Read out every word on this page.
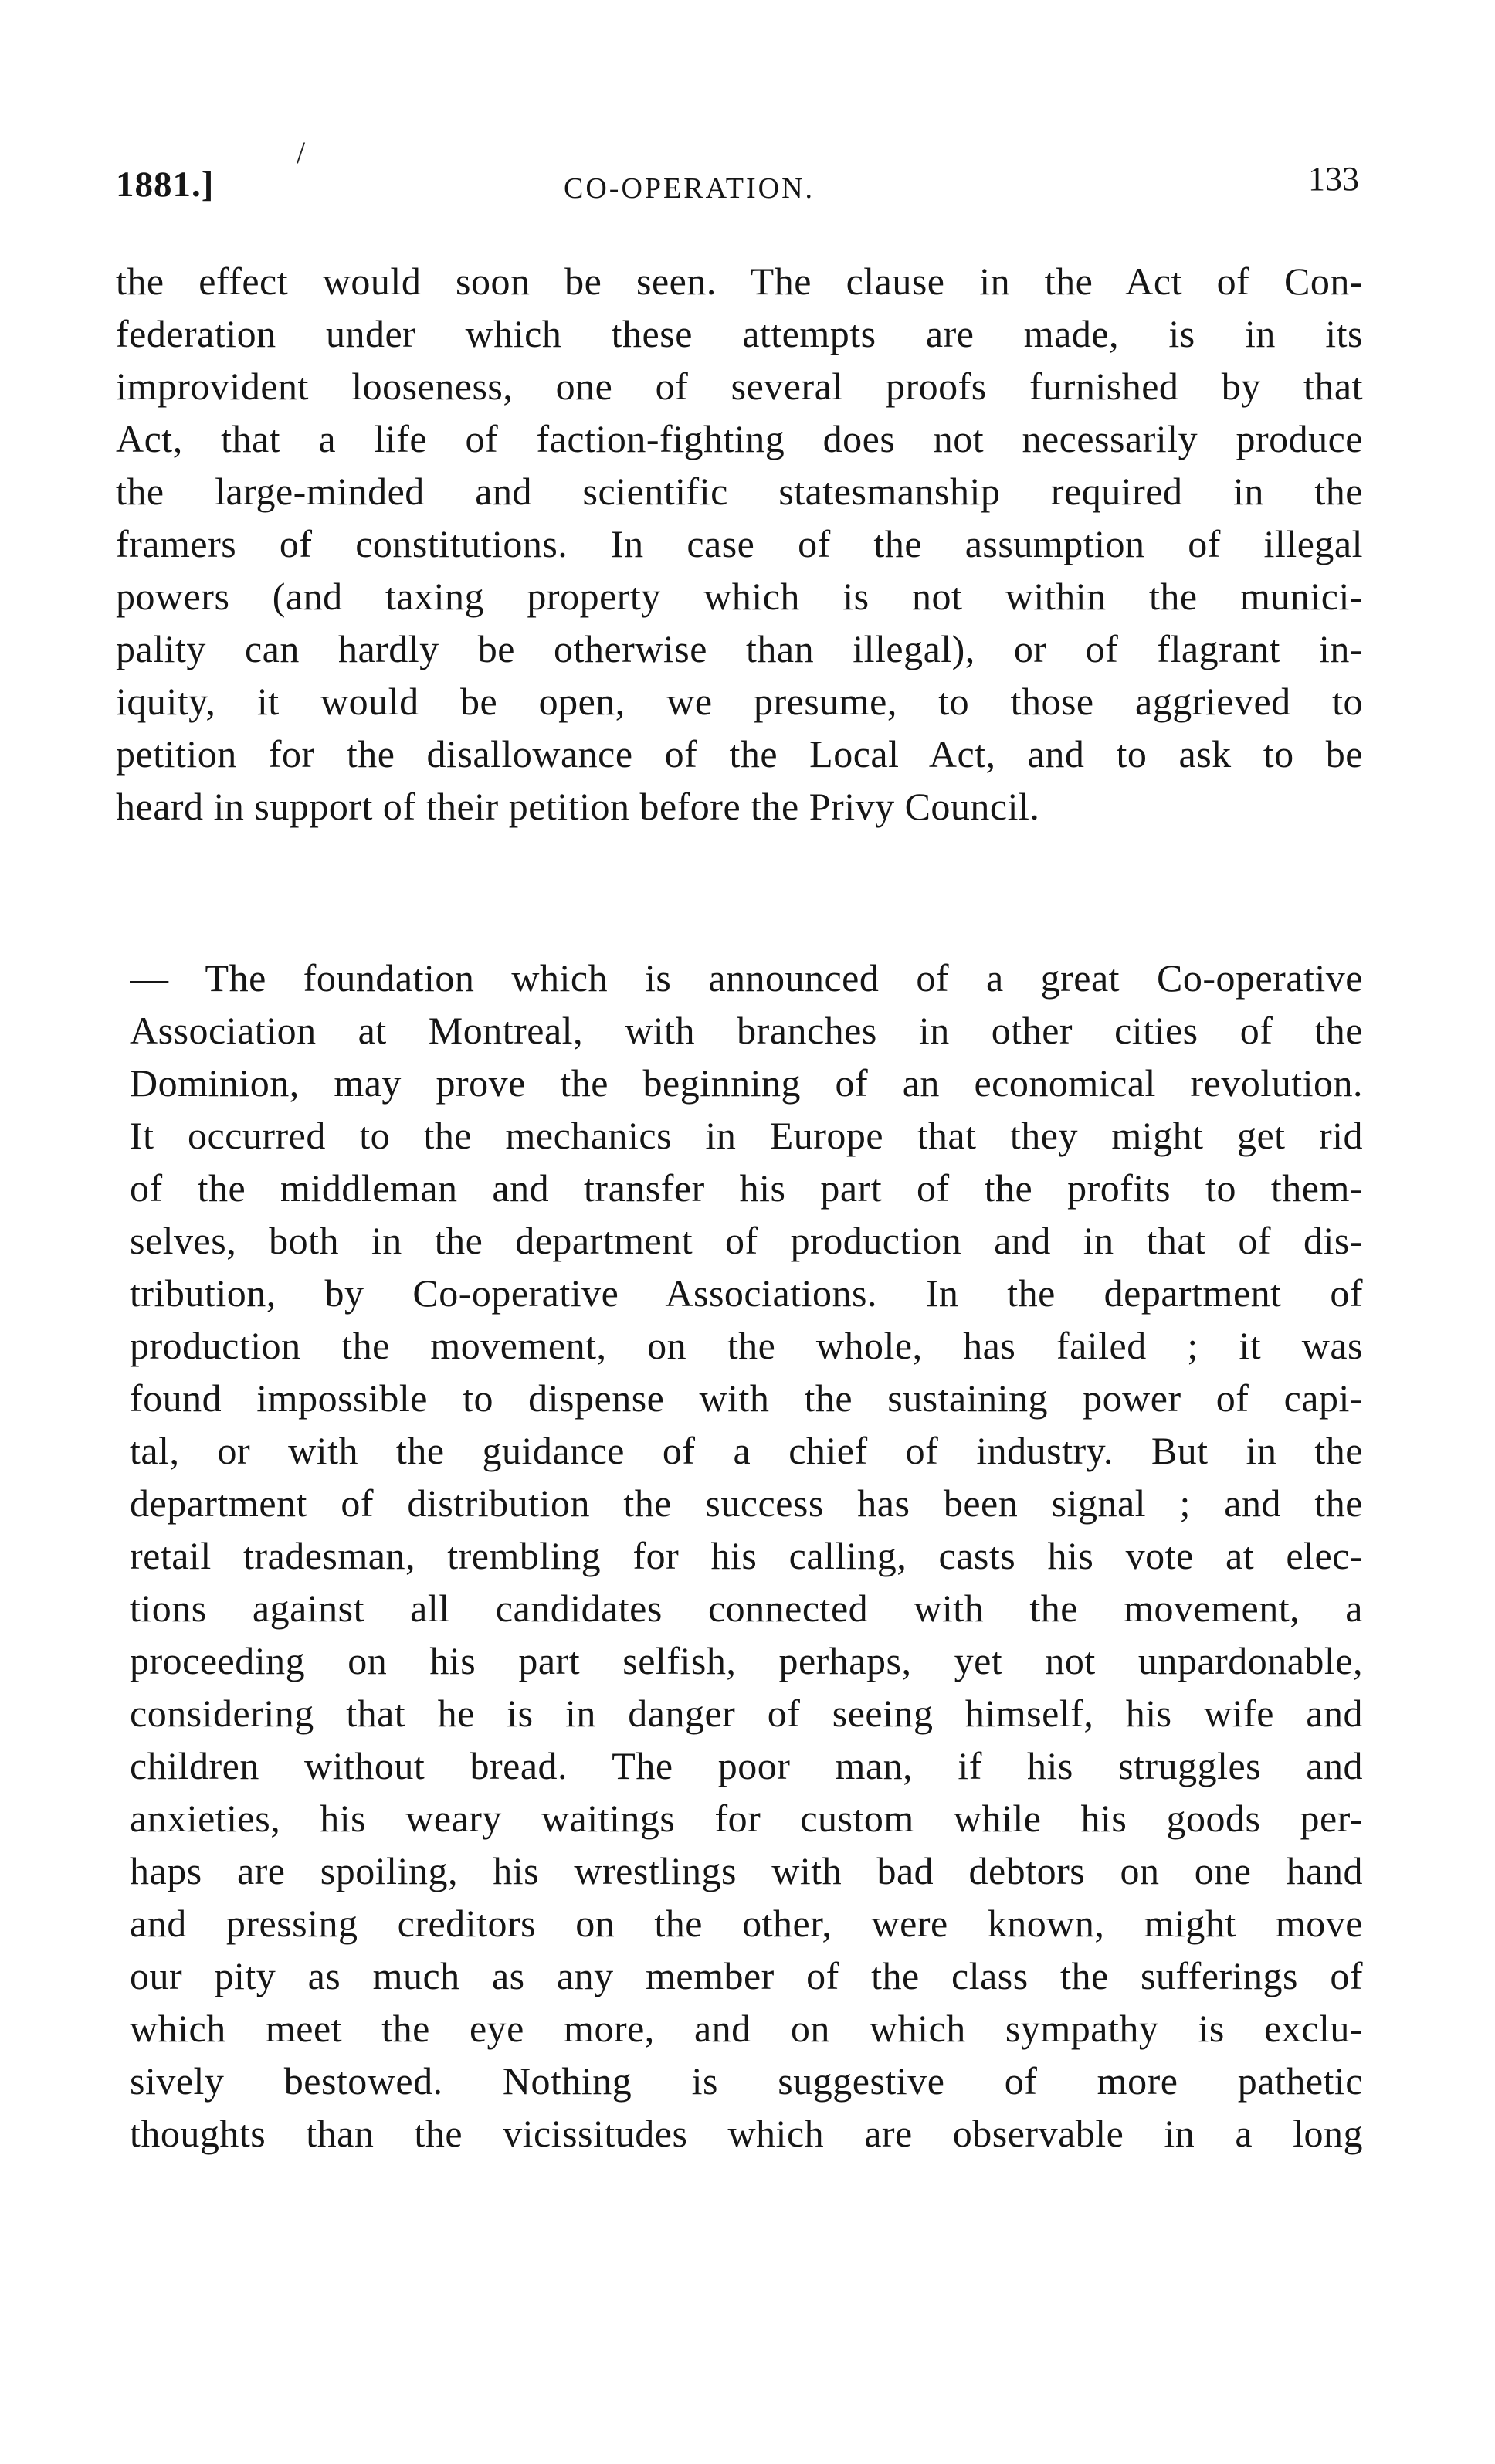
/
1881.]	CO-OPERATION.	133

the effect would soon be seen. The clause in the Act of Con-
federation under which these attempts are made, is in its
improvident looseness, one of several proofs furnished by that
Act, that a life of faction-fighting does not necessarily produce
the large-minded and scientific statesmanship required in the
framers of constitutions. In case of the assumption of illegal
powers (and taxing property which is not within the munici-
pality can hardly be otherwise than illegal), or of flagrant in-
iquity, it would be open, we presume, to those aggrieved to
petition for the disallowance of the Local Act, and to ask to be
heard in support of their petition before the Privy Council.

— The foundation which is announced of a great Co-operative
Association at Montreal, with branches in other cities of the
Dominion, may prove the beginning of an economical revolution.
It occurred to the mechanics in Europe that they might get rid
of the middleman and transfer his part of the profits to them-
selves, both in the department of production and in that of dis-
tribution, by Co-operative Associations. In the department of
production the movement, on the whole, has failed ; it was
found impossible to dispense with the sustaining power of capi-
tal, or with the guidance of a chief of industry. But in the
department of distribution the success has been signal ; and the
retail tradesman, trembling for his calling, casts his vote at elec-
tions against all candidates connected with the movement, a
proceeding on his part selfish, perhaps, yet not unpardonable,
considering that he is in danger of seeing himself, his wife and
children without bread. The poor man, if his struggles and
anxieties, his weary waitings for custom while his goods per-
haps are spoiling, his wrestlings with bad debtors on one hand
and pressing creditors on the other, were known, might move
our pity as much as any member of the class the sufferings of
which meet the eye more, and on which sympathy is exclu-
sively bestowed. Nothing is suggestive of more pathetic
thoughts than the vicissitudes which are observable in a long
